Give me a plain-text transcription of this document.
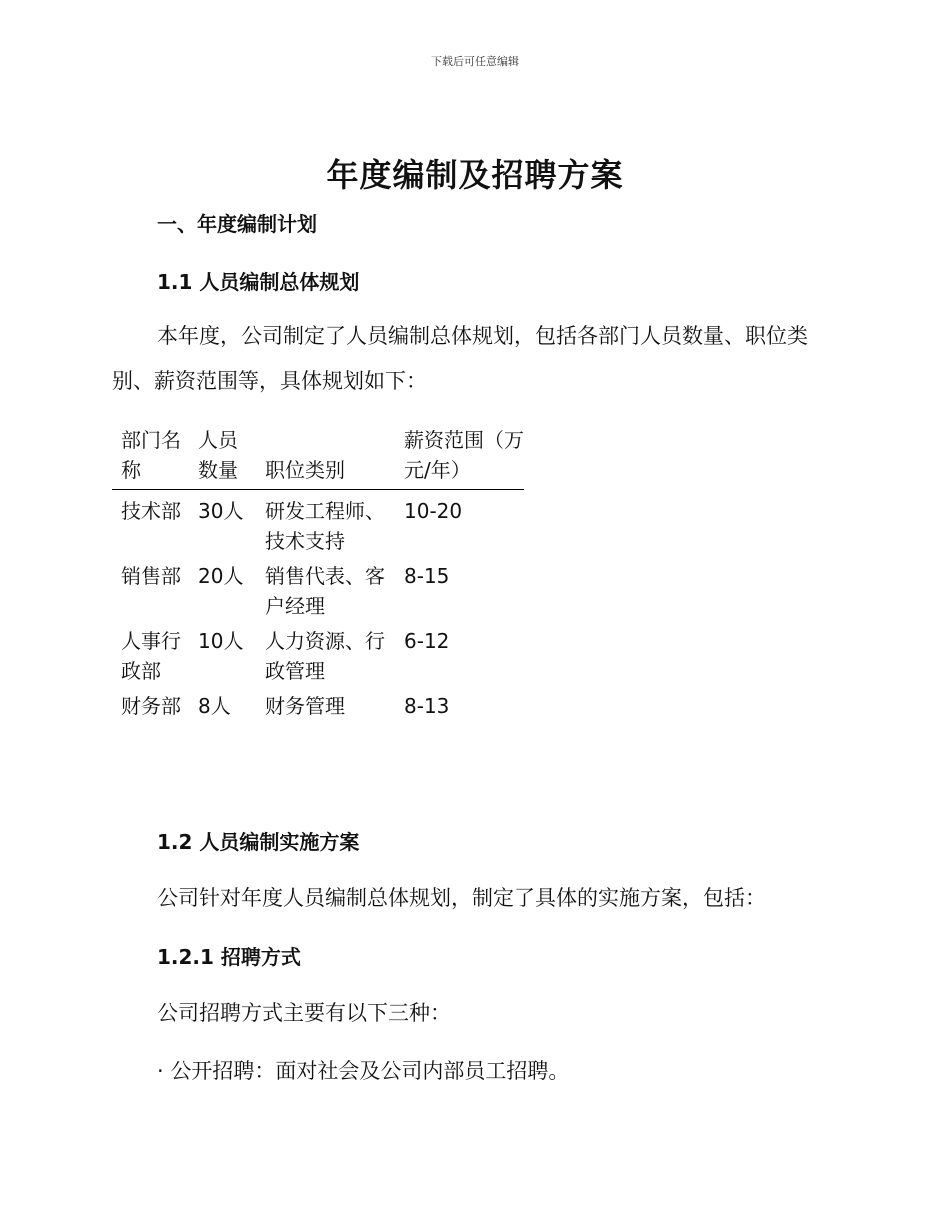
下载后可任意编辑
年度编制及招聘方案
一、年度编制计划
1.1 人员编制总体规划
本年度，公司制定了人员编制总体规划，包括各部门人员数量、职位类别、薪资范围等，具体规划如下：
部门名称	人员数量	职位类别	薪资范围（万元/年）
技术部	30人	研发工程师、技术支持	10-20
销售部	20人	销售代表、客户经理	8-15
人事行政部	10人	人力资源、行政管理	6-12
财务部	8人	财务管理	8-13
1.2 人员编制实施方案
公司针对年度人员编制总体规划，制定了具体的实施方案，包括：
1.2.1 招聘方式
公司招聘方式主要有以下三种：
· 公开招聘：面对社会及公司内部员工招聘。
